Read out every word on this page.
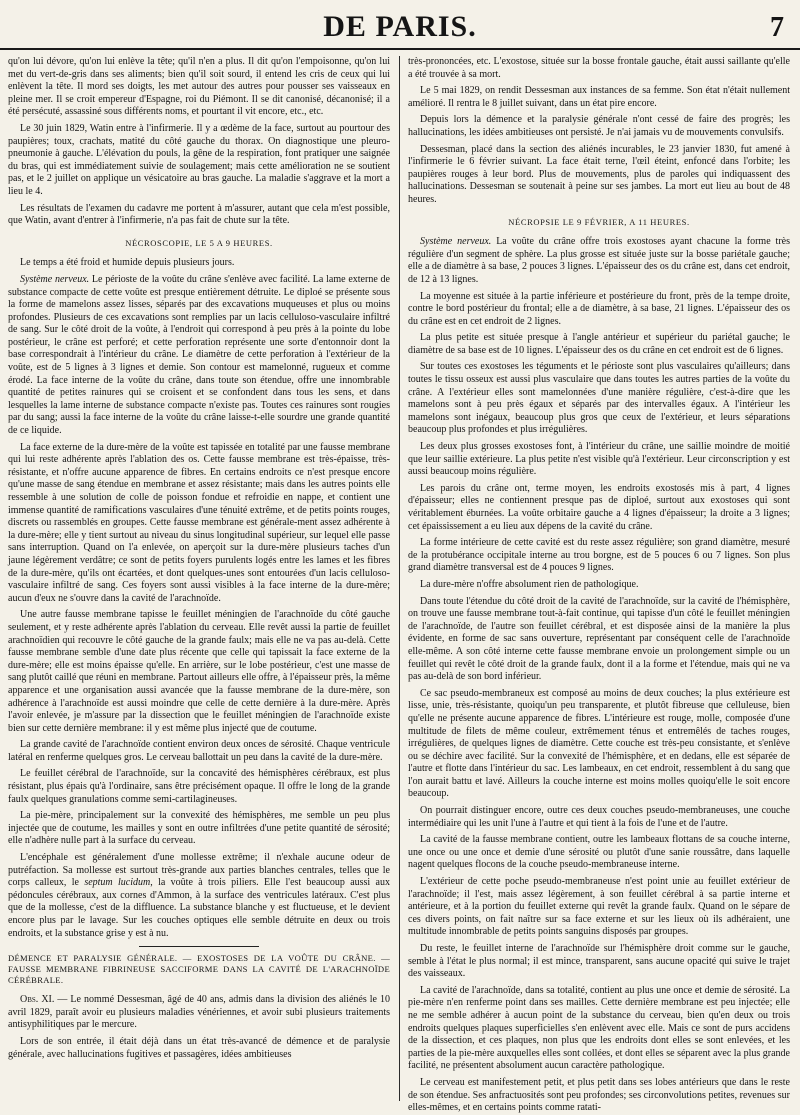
DE PARIS.	7

qu'on lui dévore, qu'on lui enlève la tête; qu'il n'en a plus. Il dit qu'on l'empoisonne, qu'on lui met du vert-de-gris dans ses aliments; bien qu'il soit sourd, il entend les cris de ceux qui lui enlèvent la tête. Il mord ses doigts, les met autour des autres pour pousser ses vaisseaux en pleine mer. Il se croit empereur d'Espagne, roi du Piémont. Il se dit canonisé, décanonisé; il a été persécuté, assassiné sous différents noms, et pourtant il vit encore, etc., etc.

Le 30 juin 1829, Watin entre à l'infirmerie. Il y a œdème de la face, surtout au pourtour des paupières; toux, crachats, matité du côté gauche du thorax. On diagnostique une pleuro-pneumonie à gauche. L'élévation du pouls, la gêne de la respiration, font pratiquer une saignée du bras, qui est immédiatement suivie de soulagement; mais cette amélioration ne se soutient pas, et le 2 juillet on applique un vésicatoire au bras gauche. La maladie s'aggrave et la mort a lieu le 4.

Les résultats de l'examen du cadavre me portent à m'assurer, autant que cela m'est possible, que Watin, avant d'entrer à l'infirmerie, n'a pas fait de chute sur la tête.

NÉCROSCOPIE, LE 5 A 9 HEURES.

Le temps a été froid et humide depuis plusieurs jours.

Système nerveux. Le périoste de la voûte du crâne s'enlève avec facilité. La lame externe de substance compacte de cette voûte est presque entièrement détruite. Le diploé se présente sous la forme de mamelons assez lisses, séparés par des excavations muqueuses et plus ou moins profondes. Plusieurs de ces excavations sont remplies par un lacis celluloso-vasculaire infiltré de sang. Sur le côté droit de la voûte, à l'endroit qui correspond à peu près à la pointe du lobe postérieur, le crâne est perforé; et cette perforation représente une sorte d'entonnoir dont la base correspondrait à l'intérieur du crâne. Le diamètre de cette perforation à l'extérieur de la voûte, est de 5 lignes à 3 lignes et demie. Son contour est mamelonné, rugueux et comme érodé. La face interne de la voûte du crâne, dans toute son étendue, offre une innombrable quantité de petites rainures qui se croisent et se confondent dans tous les sens, et dans lesquelles la lame interne de substance compacte n'existe pas. Toutes ces rainures sont rougies par du sang; aussi la face interne de la voûte du crâne laisse-t-elle sourdre une grande quantité de ce liquide.

La face externe de la dure-mère de la voûte est tapissée en totalité par une fausse membrane qui lui reste adhérente après l'ablation des os. Cette fausse membrane est très-épaisse, très-résistante, et n'offre aucune apparence de fibres. En certains endroits ce n'est presque encore qu'une masse de sang étendue en membrane et assez résistante; mais dans les autres points elle ressemble à une solution de colle de poisson fondue et refroidie en nappe, et contient une immense quantité de ramifications vasculaires d'une ténuité extrême, et de petits points rouges, discrets ou rassemblés en groupes. Cette fausse membrane est générale-ment assez adhérente à la dure-mère; elle y tient surtout au niveau du sinus longitudinal supérieur, sur lequel elle passe sans interruption. Quand on l'a enlevée, on aperçoit sur la dure-mère plusieurs taches d'un jaune légèrement verdâtre; ce sont de petits foyers purulents logés entre les lames et les fibres de la dure-mère, qu'ils ont écartées, et dont quelques-unes sont entourées d'un lacis celluloso-vasculaire infiltré de sang. Ces foyers sont aussi visibles à la face interne de la dure-mère; aucun d'eux ne s'ouvre dans la cavité de l'arachnoïde.

Une autre fausse membrane tapisse le feuillet méningien de l'arachnoïde du côté gauche seulement, et y reste adhérente après l'ablation du cerveau. Elle revêt aussi la partie de feuillet arachnoïdien qui recouvre le côté gauche de la grande faulx; mais elle ne va pas au-delà. Cette fausse membrane semble d'une date plus récente que celle qui tapissait la face externe de la dure-mère; elle est moins épaisse qu'elle. En arrière, sur le lobe postérieur, c'est une masse de sang plutôt caillé que réuni en membrane. Partout ailleurs elle offre, à l'épaisseur près, la même apparence et une organisation aussi avancée que la fausse membrane de la dure-mère, son adhérence à l'arachnoïde est aussi moindre que celle de cette dernière à la dure-mère. Après l'avoir enlevée, je m'assure par la dissection que le feuillet méningien de l'arachnoïde existe bien sur cette dernière membrane: il y est même plus injecté que de coutume.

La grande cavité de l'arachnoïde contient environ deux onces de sérosité. Chaque ventricule latéral en renferme quelques gros. Le cerveau ballottait un peu dans la cavité de la dure-mère.

Le feuillet cérébral de l'arachnoïde, sur la concavité des hémisphères cérébraux, est plus résistant, plus épais qu'à l'ordinaire, sans être précisément opaque. Il offre le long de la grande faulx quelques granulations comme semi-cartilagineuses.

La pie-mère, principalement sur la convexité des hémisphères, me semble un peu plus injectée que de coutume, les mailles y sont en outre infiltrées d'une petite quantité de sérosité; elle n'adhère nulle part à la surface du cerveau.

L'encéphale est généralement d'une mollesse extrême; il n'exhale aucune odeur de putréfaction. Sa mollesse est surtout très-grande aux parties blanches centrales, telles que le corps calleux, le septum lucidum, la voûte à trois piliers. Elle l'est beaucoup aussi aux pédoncules cérébraux, aux cornes d'Ammon, à la surface des ventricules latéraux. C'est plus que de la mollesse, c'est de la diffluence. La substance blanche y est fluctueuse, et le devient encore plus par le lavage. Sur les couches optiques elle semble détruite en deux ou trois endroits, et la substance grise y est à nu.

DÉMENCE ET PARALYSIE GÉNÉRALE. — EXOSTOSES DE LA VOÛTE DU CRÂNE. — FAUSSE MEMBRANE FIBRINEUSE SACCIFORME DANS LA CAVITÉ DE L'ARACHNOÏDE CÉRÉBRALE.

Obs. XI. — Le nommé Dessesman, âgé de 40 ans, admis dans la division des aliénés le 10 avril 1829, paraît avoir eu plusieurs maladies vénériennes, et avoir subi plusieurs traitements antisyphilitiques par le mercure.

Lors de son entrée, il était déjà dans un état très-avancé de démence et de paralysie générale, avec hallucinations fugitives et passagères, idées ambitieuses

très-prononcées, etc. L'exostose, située sur la bosse frontale gauche, était aussi saillante qu'elle a été trouvée à sa mort.

Le 5 mai 1829, on rendit Dessesman aux instances de sa femme. Son état n'était nullement amélioré. Il rentra le 8 juillet suivant, dans un état pire encore.

Depuis lors la démence et la paralysie générale n'ont cessé de faire des progrès; les hallucinations, les idées ambitieuses ont persisté. Je n'ai jamais vu de mouvements convulsifs.

Dessesman, placé dans la section des aliénés incurables, le 23 janvier 1830, fut amené à l'infirmerie le 6 février suivant. La face était terne, l'œil éteint, enfoncé dans l'orbite; les paupières rouges à leur bord. Plus de mouvements, plus de paroles qui indiquassent des hallucinations. Dessesman se soutenait à peine sur ses jambes. La mort eut lieu au bout de 48 heures.

NÉCROPSIE LE 9 FÉVRIER, A 11 HEURES.

Système nerveux. La voûte du crâne offre trois exostoses ayant chacune la forme très régulière d'un segment de sphère. La plus grosse est située juste sur la bosse pariétale gauche; elle a de diamètre à sa base, 2 pouces 3 lignes. L'épaisseur des os du crâne est, dans cet endroit, de 12 à 13 lignes.

La moyenne est située à la partie inférieure et postérieure du front, près de la tempe droite, contre le bord postérieur du frontal; elle a de diamètre, à sa base, 21 lignes. L'épaisseur des os du crâne est en cet endroit de 2 lignes.

La plus petite est située presque à l'angle antérieur et supérieur du pariétal gauche; le diamètre de sa base est de 10 lignes. L'épaisseur des os du crâne en cet endroit est de 6 lignes.

Sur toutes ces exostoses les téguments et le périoste sont plus vasculaires qu'ailleurs; dans toutes le tissu osseux est aussi plus vasculaire que dans toutes les autres parties de la voûte du crâne. A l'extérieur elles sont mamelonnées d'une manière régulière, c'est-à-dire que les mamelons sont à peu près égaux et séparés par des intervalles égaux. A l'intérieur les mamelons sont inégaux, beaucoup plus gros que ceux de l'extérieur, et leurs séparations beaucoup plus profondes et plus irrégulières.

Les deux plus grosses exostoses font, à l'intérieur du crâne, une saillie moindre de moitié que leur saillie extérieure. La plus petite n'est visible qu'à l'extérieur. Leur circonscription y est aussi beaucoup moins régulière.

Les parois du crâne ont, terme moyen, les endroits exostosés mis à part, 4 lignes d'épaisseur; elles ne contiennent presque pas de diploé, surtout aux exostoses qui sont véritablement éburnées. La voûte orbitaire gauche a 4 lignes d'épaisseur; la droite a 3 lignes; cet épaississement a eu lieu aux dépens de la cavité du crâne.

La forme intérieure de cette cavité est du reste assez régulière; son grand diamètre, mesuré de la protubérance occipitale interne au trou borgne, est de 5 pouces 6 ou 7 lignes. Son plus grand diamètre transversal est de 4 pouces 9 lignes.

La dure-mère n'offre absolument rien de pathologique.

Dans toute l'étendue du côté droit de la cavité de l'arachnoïde, sur la cavité de l'hémisphère, on trouve une fausse membrane tout-à-fait continue, qui tapisse d'un côté le feuillet méningien de l'arachnoïde, de l'autre son feuillet cérébral, et est disposée ainsi de la manière la plus évidente, en forme de sac sans ouverture, représentant par conséquent celle de l'arachnoïde elle-même. A son côté interne cette fausse membrane envoie un prolongement simple ou un feuillet qui revêt le côté droit de la grande faulx, dont il a la forme et l'étendue, mais qui ne va pas au-delà de son bord inférieur.

Ce sac pseudo-membraneux est composé au moins de deux couches; la plus extérieure est lisse, unie, très-résistante, quoiqu'un peu transparente, et plutôt fibreuse que celluleuse, bien qu'elle ne présente aucune apparence de fibres. L'intérieure est rouge, molle, composée d'une multitude de filets de même couleur, extrêmement ténus et entremêlés de taches rouges, irrégulières, de quelques lignes de diamètre. Cette couche est très-peu consistante, et s'enlève ou se déchire avec facilité. Sur la convexité de l'hémisphère, et en dedans, elle est séparée de l'autre et flotte dans l'intérieur du sac. Les lambeaux, en cet endroit, ressemblent à du sang que l'on aurait battu et lavé. Ailleurs la couche interne est moins molles quoiqu'elle le soit encore beaucoup.

On pourrait distinguer encore, outre ces deux couches pseudo-membraneuses, une couche intermédiaire qui les unit l'une à l'autre et qui tient à la fois de l'une et de l'autre.

La cavité de la fausse membrane contient, outre les lambeaux flottans de sa couche interne, une once ou une once et demie d'une sérosité ou plutôt d'une sanie roussâtre, dans laquelle nagent quelques flocons de la couche pseudo-membraneuse interne.

L'extérieur de cette poche pseudo-membraneuse n'est point unie au feuillet extérieur de l'arachnoïde; il l'est, mais assez légèrement, à son feuillet cérébral à sa partie interne et antérieure, et à la portion du feuillet externe qui revêt la grande faulx. Quand on le sépare de ces divers points, on fait naître sur sa face externe et sur les lieux où ils adhéraient, une multitude innombrable de petits points sanguins disposés par groupes.

Du reste, le feuillet interne de l'arachnoïde sur l'hémisphère droit comme sur le gauche, semble à l'état le plus normal; il est mince, transparent, sans aucune opacité qui suive le trajet des vaisseaux.

La cavité de l'arachnoïde, dans sa totalité, contient au plus une once et demie de sérosité. La pie-mère n'en renferme point dans ses mailles. Cette dernière membrane est peu injectée; elle ne me semble adhérer à aucun point de la substance du cerveau, bien qu'en deux ou trois endroits quelques plaques superficielles s'en enlèvent avec elle. Mais ce sont de purs accidens de la dissection, et ces plaques, non plus que les endroits dont elles se sont enlevées, et les parties de la pie-mère auxquelles elles sont collées, et dont elles se séparent avec la plus grande facilité, ne présentent absolument aucun caractère pathologique.

Le cerveau est manifestement petit, et plus petit dans ses lobes antérieurs que dans le reste de son étendue. Ses anfractuosités sont peu profondes; ses circonvolutions petites, revenues sur elles-mêmes, et en certains points comme ratati-
